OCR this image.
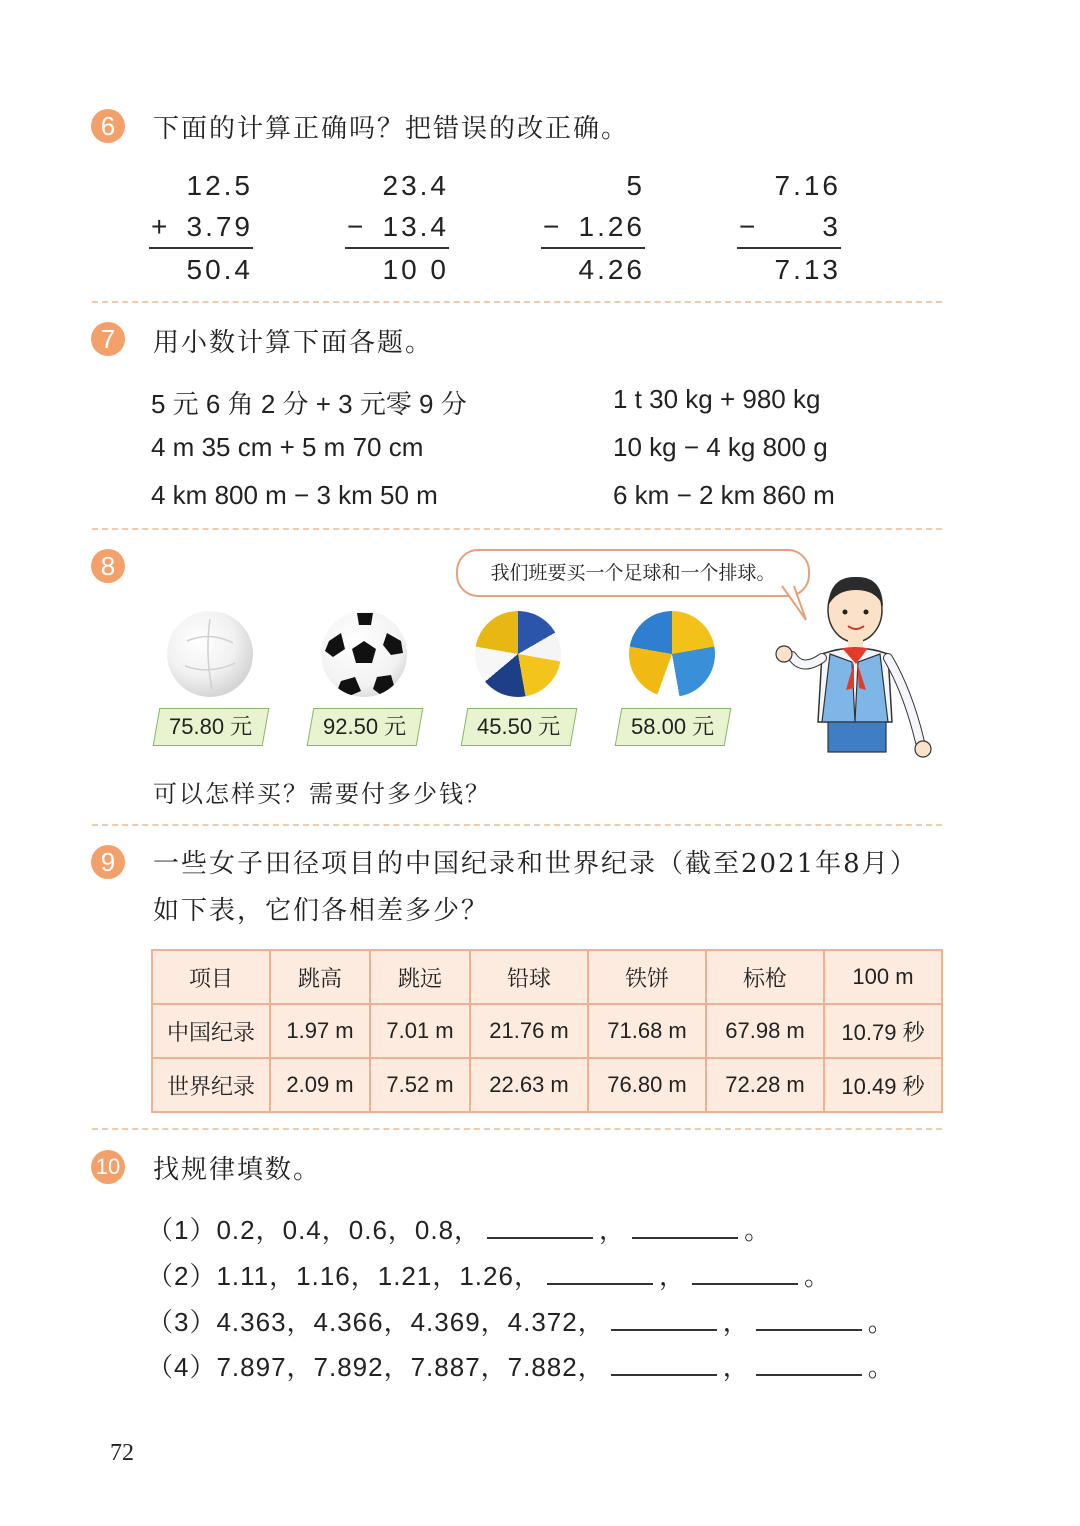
6	下面的计算正确吗？把错误的改正确。
12.5
+ 3.79
50.4
23.4
− 13.4
10 0
5
− 1.26
4.26
7.16
− 3
7.13
7	用小数计算下面各题。
5 元 6 角 2 分 + 3 元零 9 分	1 t 30 kg + 980 kg
4 m 35 cm + 5 m 70 cm	10 kg − 4 kg 800 g
4 km 800 m − 3 km 50 m	6 km − 2 km 860 m
8	我们班要买一个足球和一个排球。
75.80 元	92.50 元	45.50 元	58.00 元
可以怎样买？需要付多少钱？
9	一些女子田径项目的中国纪录和世界纪录（截至2021年8月）
如下表，它们各相差多少？
项目	跳高	跳远	铅球	铁饼	标枪	100 m
中国纪录	1.97 m	7.01 m	21.76 m	71.68 m	67.98 m	10.79 秒
世界纪录	2.09 m	7.52 m	22.63 m	76.80 m	72.28 m	10.49 秒
10 找规律填数。
（1）0.2，0.4，0.6，0.8，	，	。
（2）1.11，1.16，1.21，1.26，	，	。
（3）4.363，4.366，4.369，4.372，	，	。
（4）7.897，7.892，7.887，7.882，	，	。
72
